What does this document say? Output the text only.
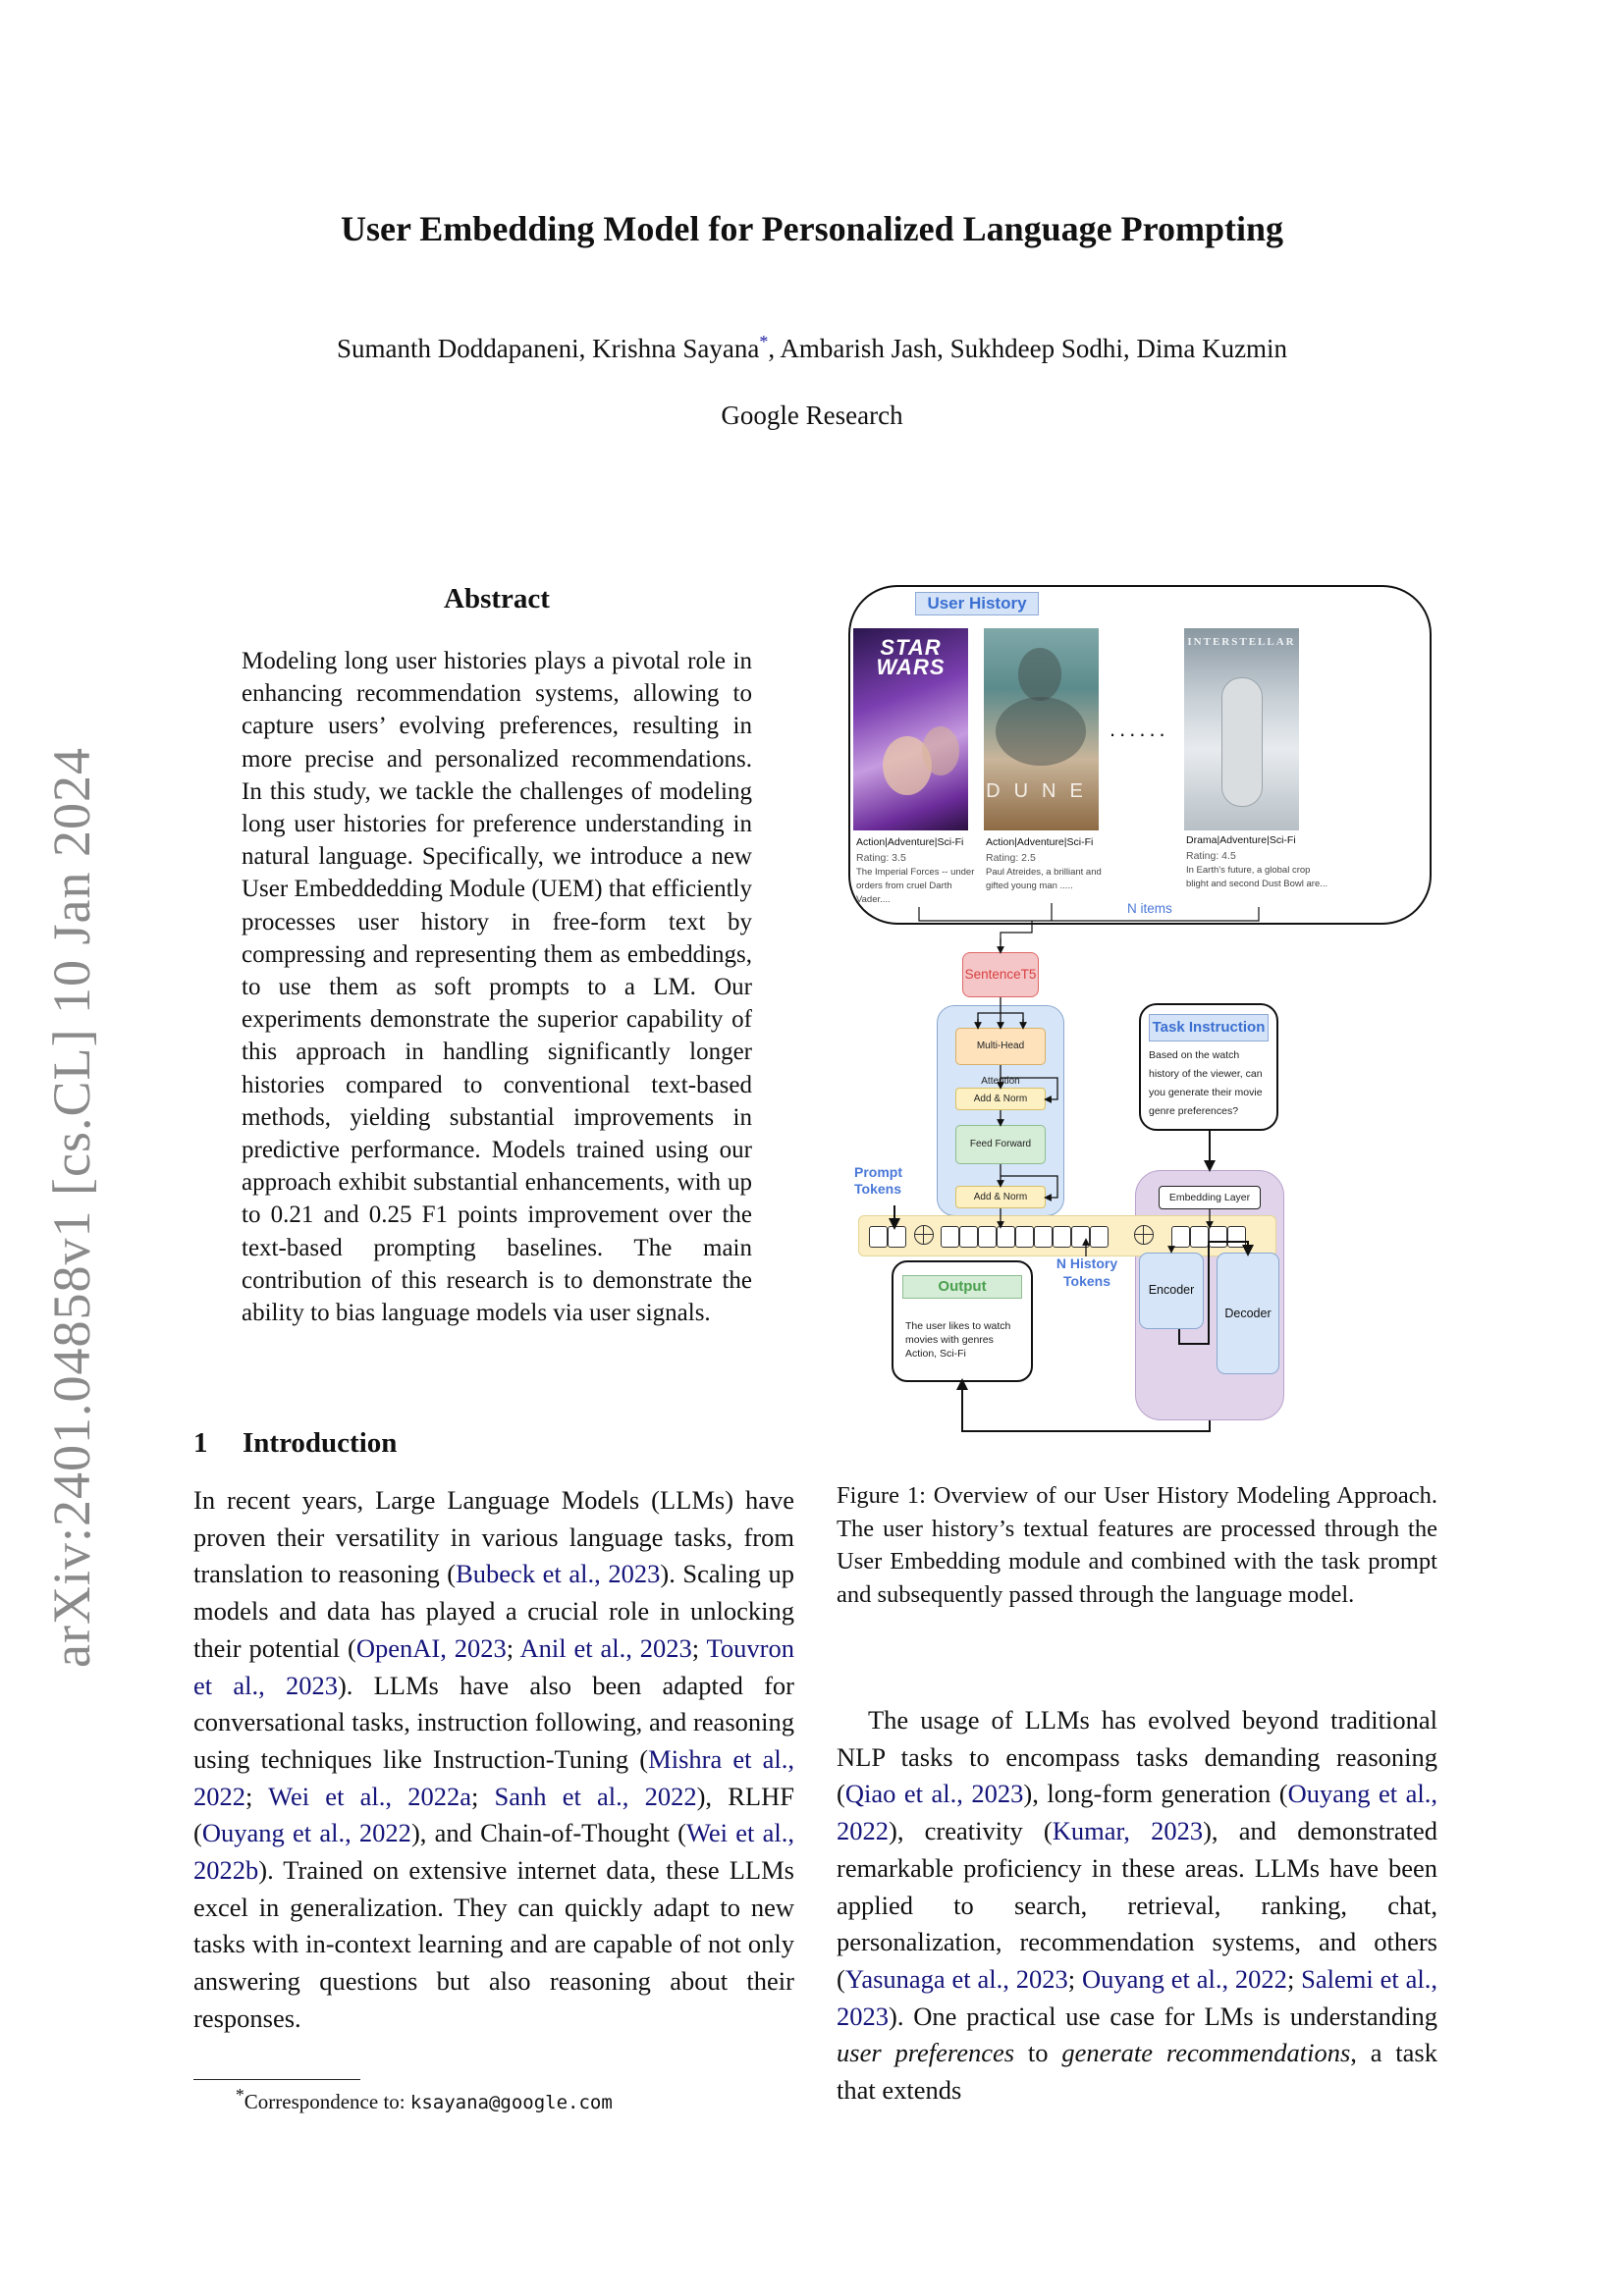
arXiv:2401.04858v1 [cs.CL] 10 Jan 2024
User Embedding Model for Personalized Language Prompting
Sumanth Doddapaneni, Krishna Sayana*, Ambarish Jash, Sukhdeep Sodhi, Dima Kuzmin
Google Research
Abstract
Modeling long user histories plays a pivotal role in enhancing recommendation systems, allowing to capture users’ evolving preferences, resulting in more precise and personalized recommendations. In this study, we tackle the challenges of modeling long user histories for preference understanding in natural language. Specifically, we introduce a new User Embeddedding Module (UEM) that efficiently processes user history in free-form text by compressing and representing them as embeddings, to use them as soft prompts to a LM. Our experiments demonstrate the superior capability of this approach in handling significantly longer histories compared to conventional text-based methods, yielding substantial improvements in predictive performance. Models trained using our approach exhibit substantial enhancements, with up to 0.21 and 0.25 F1 points improvement over the text-based prompting baselines. The main contribution of this research is to demonstrate the ability to bias language models via user signals.
1 Introduction
In recent years, Large Language Models (LLMs) have proven their versatility in various language tasks, from translation to reasoning (Bubeck et al., 2023). Scaling up models and data has played a crucial role in unlocking their potential (OpenAI, 2023; Anil et al., 2023; Touvron et al., 2023). LLMs have also been adapted for conversational tasks, instruction following, and reasoning using techniques like Instruction-Tuning (Mishra et al., 2022; Wei et al., 2022a; Sanh et al., 2022), RLHF (Ouyang et al., 2022), and Chain-of-Thought (Wei et al., 2022b). Trained on extensive internet data, these LLMs excel in generalization. They can quickly adapt to new tasks with in-context learning and are capable of not only answering questions but also reasoning about their responses.
*Correspondence to: ksayana@google.com
User History
STAR WARS
DUNE
INTERSTELLAR
Action|Adventure|Sci-Fi
Rating: 3.5
The Imperial Forces -- under orders from cruel Darth Vader....
Action|Adventure|Sci-Fi
Rating: 2.5
Paul Atreides, a brilliant and gifted young man .....
Drama|Adventure|Sci-Fi
Rating: 4.5
In Earth's future, a global crop blight and second Dust Bowl are...
......
N items
SentenceT5
Multi-Head Attention
Add & Norm
Feed Forward
Add & Norm
Task Instruction
Based on the watch history of the viewer, can you generate their movie genre preferences?
Embedding Layer
Prompt Tokens
N History Tokens
Encoder
Decoder
Output
The user likes to watch movies with genres Action, Sci-Fi
Figure 1: Overview of our User History Modeling Approach. The user history’s textual features are processed through the User Embedding module and combined with the task prompt and subsequently passed through the language model.
The usage of LLMs has evolved beyond traditional NLP tasks to encompass tasks demanding reasoning (Qiao et al., 2023), long-form generation (Ouyang et al., 2022), creativity (Kumar, 2023), and demonstrated remarkable proficiency in these areas. LLMs have been applied to search, retrieval, ranking, chat, personalization, recommendation systems, and others (Yasunaga et al., 2023; Ouyang et al., 2022; Salemi et al., 2023). One practical use case for LMs is understanding user preferences to generate recommendations, a task that extends
